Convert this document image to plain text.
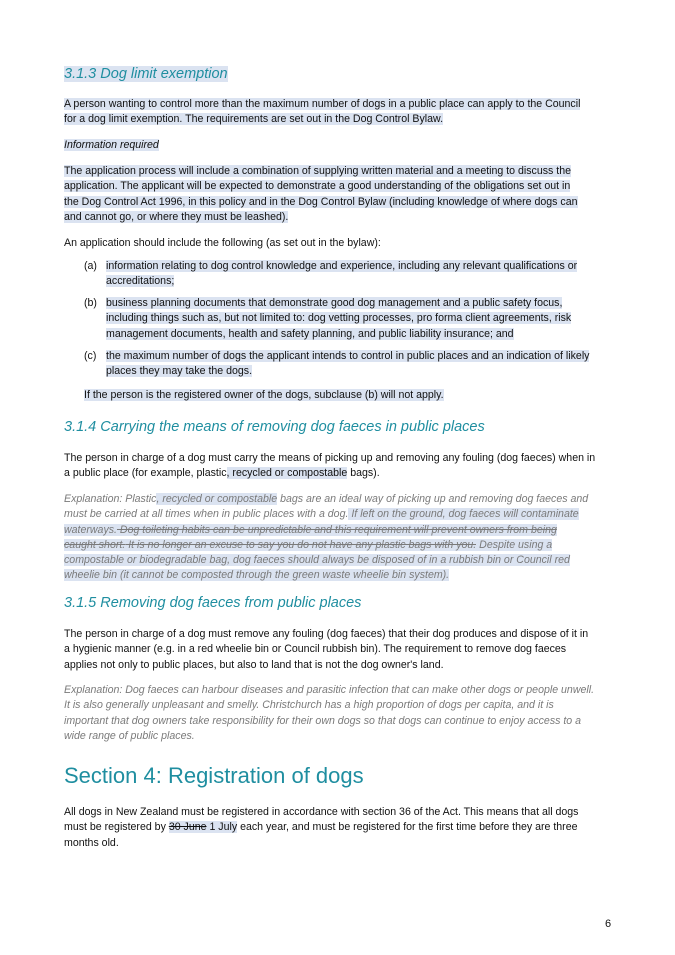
3.1.3 Dog limit exemption
A person wanting to control more than the maximum number of dogs in a public place can apply to the Council
for a dog limit exemption. The requirements are set out in the Dog Control Bylaw.
Information required
The application process will include a combination of supplying written material and a meeting to discuss the
application. The applicant will be expected to demonstrate a good understanding of the obligations set out in
the Dog Control Act 1996, in this policy and in the Dog Control Bylaw (including knowledge of where dogs can
and cannot go, or where they must be leashed).
An application should include the following (as set out in the bylaw):
(a) information relating to dog control knowledge and experience, including any relevant qualifications or
accreditations;
(b) business planning documents that demonstrate good dog management and a public safety focus,
including things such as, but not limited to: dog vetting processes, pro forma client agreements, risk
management documents, health and safety planning, and public liability insurance; and
(c) the maximum number of dogs the applicant intends to control in public places and an indication of likely
places they may take the dogs.
If the person is the registered owner of the dogs, subclause (b) will not apply.
3.1.4 Carrying the means of removing dog faeces in public places
The person in charge of a dog must carry the means of picking up and removing any fouling (dog faeces) when in
a public place (for example, plastic, recycled or compostable bags).
Explanation: Plastic, recycled or compostable bags are an ideal way of picking up and removing dog faeces and
must be carried at all times when in public places with a dog. If left on the ground, dog faeces will contaminate
waterways. Dog toileting habits can be unpredictable and this requirement will prevent owners from being
caught short. It is no longer an excuse to say you do not have any plastic bags with you. Despite using a
compostable or biodegradable bag, dog faeces should always be disposed of in a rubbish bin or Council red
wheelie bin (it cannot be composted through the green waste wheelie bin system).
3.1.5 Removing dog faeces from public places
The person in charge of a dog must remove any fouling (dog faeces) that their dog produces and dispose of it in
a hygienic manner (e.g. in a red wheelie bin or Council rubbish bin). The requirement to remove dog faeces
applies not only to public places, but also to land that is not the dog owner's land.
Explanation: Dog faeces can harbour diseases and parasitic infection that can make other dogs or people unwell.
It is also generally unpleasant and smelly. Christchurch has a high proportion of dogs per capita, and it is
important that dog owners take responsibility for their own dogs so that dogs can continue to enjoy access to a
wide range of public places.
Section 4: Registration of dogs
All dogs in New Zealand must be registered in accordance with section 36 of the Act. This means that all dogs
must be registered by 30 June 1 July each year, and must be registered for the first time before they are three
months old.
6
